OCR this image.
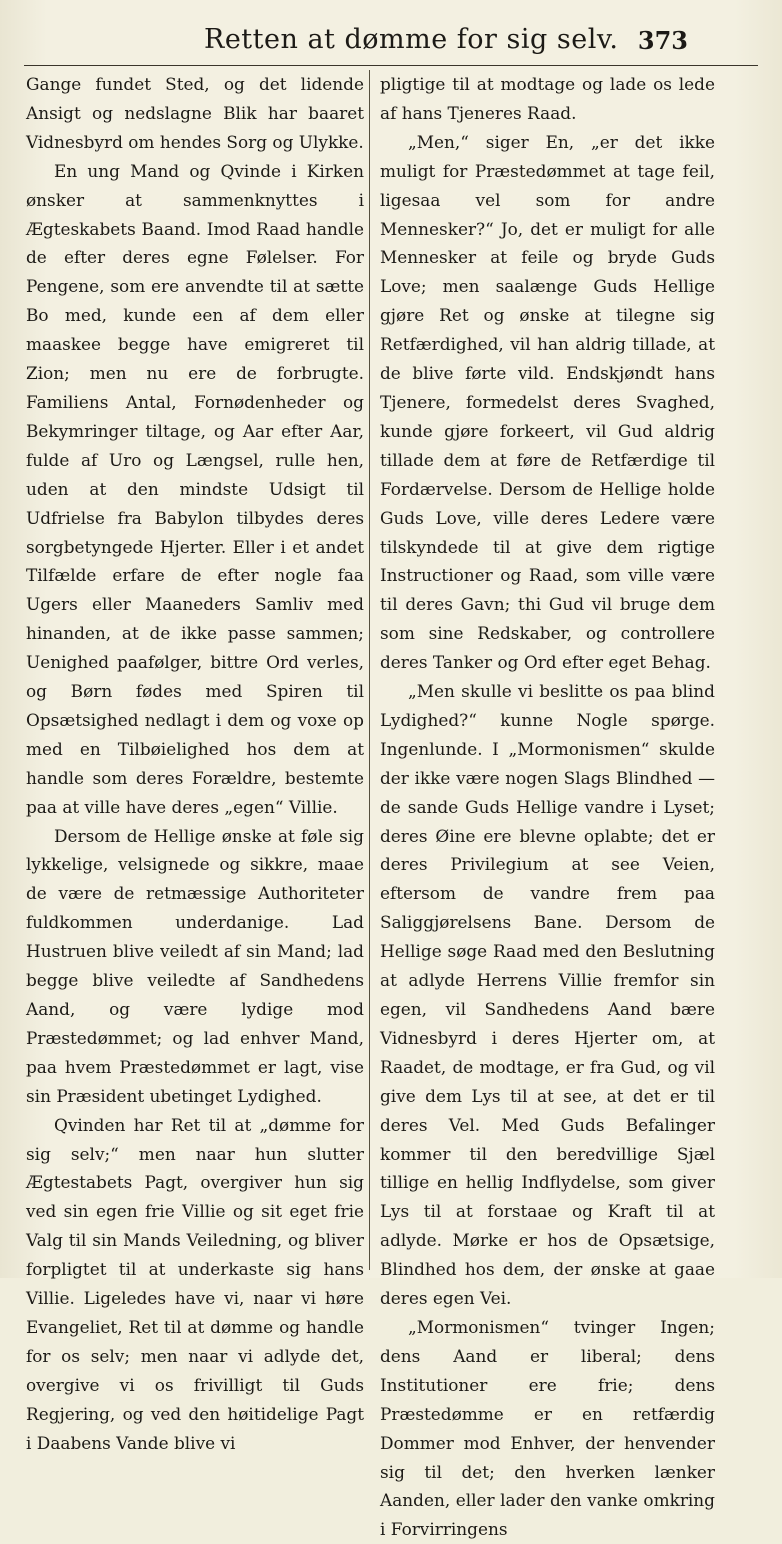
Retten at dømme for sig selv. 373

Gange fundet Sted, og det lidende Ansigt og nedslagne Blik har baaret Vidnesbyrd om hendes Sorg og Ulykke.

En ung Mand og Qvinde i Kirken ønsker at sammenknyttes i Ægteskabets Baand. Imod Raad handle de efter deres egne Følelser. For Pengene, som ere anvendte til at sætte Bo med, kunde een af dem eller maaskee begge have emigreret til Zion; men nu ere de forbrugte. Familiens Antal, Fornødenheder og Bekymringer tiltage, og Aar efter Aar, fulde af Uro og Længsel, rulle hen, uden at den mindste Udsigt til Udfrielse fra Babylon tilbydes deres sorgbetyngede Hjerter. Eller i et andet Tilfælde erfare de efter nogle faa Ugers eller Maaneders Samliv med hinanden, at de ikke passe sammen; Uenighed paafølger, bittre Ord verles, og Børn fødes med Spiren til Opsætsighed nedlagt i dem og voxe op med en Tilbøielighed hos dem at handle som deres Forældre, bestemte paa at ville have deres „egen“ Villie.

Dersom de Hellige ønske at føle sig lykkelige, velsignede og sikkre, maae de være de retmæssige Authoriteter fuldkommen underdanige. Lad Hustruen blive veiledt af sin Mand; lad begge blive veiledte af Sandhedens Aand, og være lydige mod Præstedømmet; og lad enhver Mand, paa hvem Præstedømmet er lagt, vise sin Præsident ubetinget Lydighed.

Qvinden har Ret til at „dømme for sig selv;“ men naar hun slutter Ægtestabets Pagt, overgiver hun sig ved sin egen frie Villie og sit eget frie Valg til sin Mands Veiledning, og bliver forpligtet til at underkaste sig hans Villie. Ligeledes have vi, naar vi høre Evangeliet, Ret til at dømme og handle for os selv; men naar vi adlyde det, overgive vi os frivilligt til Guds Regjering, og ved den høitidelige Pagt i Daabens Vande blive vi

pligtige til at modtage og lade os lede af hans Tjeneres Raad.

„Men,“ siger En, „er det ikke muligt for Præstedømmet at tage feil, ligesaa vel som for andre Mennesker?“ Jo, det er muligt for alle Mennesker at feile og bryde Guds Love; men saalænge Guds Hellige gjøre Ret og ønske at tilegne sig Retfærdighed, vil han aldrig tillade, at de blive førte vild. Endskjøndt hans Tjenere, formedelst deres Svaghed, kunde gjøre forkeert, vil Gud aldrig tillade dem at føre de Retfærdige til Fordærvelse. Dersom de Hellige holde Guds Love, ville deres Ledere være tilskyndede til at give dem rigtige Instructioner og Raad, som ville være til deres Gavn; thi Gud vil bruge dem som sine Redskaber, og controllere deres Tanker og Ord efter eget Behag.

„Men skulle vi beslitte os paa blind Lydighed?“ kunne Nogle spørge. Ingenlunde. I „Mormonismen“ skulde der ikke være nogen Slags Blindhed — de sande Guds Hellige vandre i Lyset; deres Øine ere blevne oplabte; det er deres Privilegium at see Veien, eftersom de vandre frem paa Saliggjørelsens Bane. Dersom de Hellige søge Raad med den Beslutning at adlyde Herrens Villie fremfor sin egen, vil Sandhedens Aand bære Vidnesbyrd i deres Hjerter om, at Raadet, de modtage, er fra Gud, og vil give dem Lys til at see, at det er til deres Vel. Med Guds Befalinger kommer til den beredvillige Sjæl tillige en hellig Indflydelse, som giver Lys til at forstaae og Kraft til at adlyde. Mørke er hos de Opsætsige, Blindhed hos dem, der ønske at gaae deres egen Vei.

„Mormonismen“ tvinger Ingen; dens Aand er liberal; dens Institutioner ere frie; dens Præstedømme er en retfærdig Dommer mod Enhver, der henvender sig til det; den hverken lænker Aanden, eller lader den vanke omkring i Forvirringens
